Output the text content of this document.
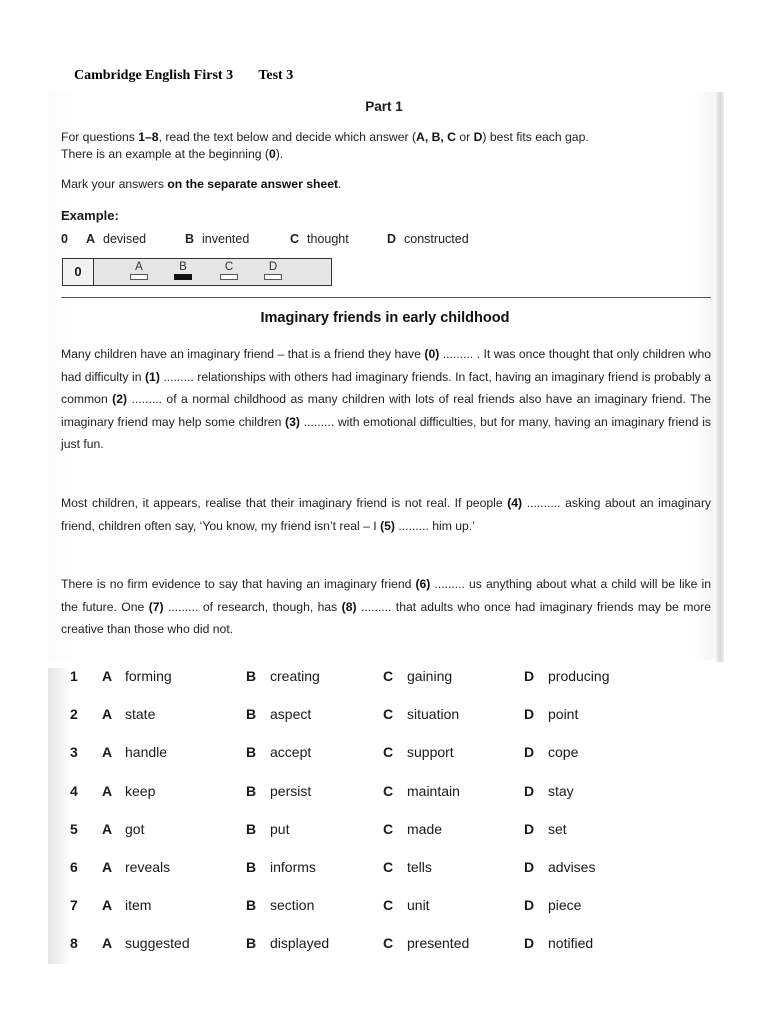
Cambridge English First 3 Test 3
Part 1
For questions 1–8, read the text below and decide which answer (A, B, C or D) best fits each gap.
There is an example at the beginning (0).
Mark your answers on the separate answer sheet.
Example:
0 A devised	B invented	C thought	D constructed
0	A	B	C	D
Imaginary friends in early childhood

Many children have an imaginary friend – that is a friend they have (0) ......... . It was once thought that only children who had difficulty in (1) ......... relationships with others had imaginary friends. In fact, having an imaginary friend is probably a common (2) ......... of a normal childhood as many children with lots of real friends also have an imaginary friend. The imaginary friend may help some children (3) ......... with emotional difficulties, but for many, having an imaginary friend is just fun.

Most children, it appears, realise that their imaginary friend is not real. If people (4) .......... asking about an imaginary friend, children often say, ‘You know, my friend isn’t real – I (5) ......... him up.’

There is no firm evidence to say that having an imaginary friend (6) ......... us anything about what a child will be like in the future. One (7) ......... of research, though, has (8) ......... that adults who once had imaginary friends may be more creative than those who did not.

1 A forming	B creating	C gaining	D producing
2 A state	B aspect	C situation	D point
3 A handle	B accept	C support	D cope
4 A keep	B persist	C maintain	D stay
5 A got	B put	C made	D set
6 A reveals	B informs	C tells	D advises
7 A item	B section	C unit	D piece
8 A suggested	B displayed	C presented	D notified
